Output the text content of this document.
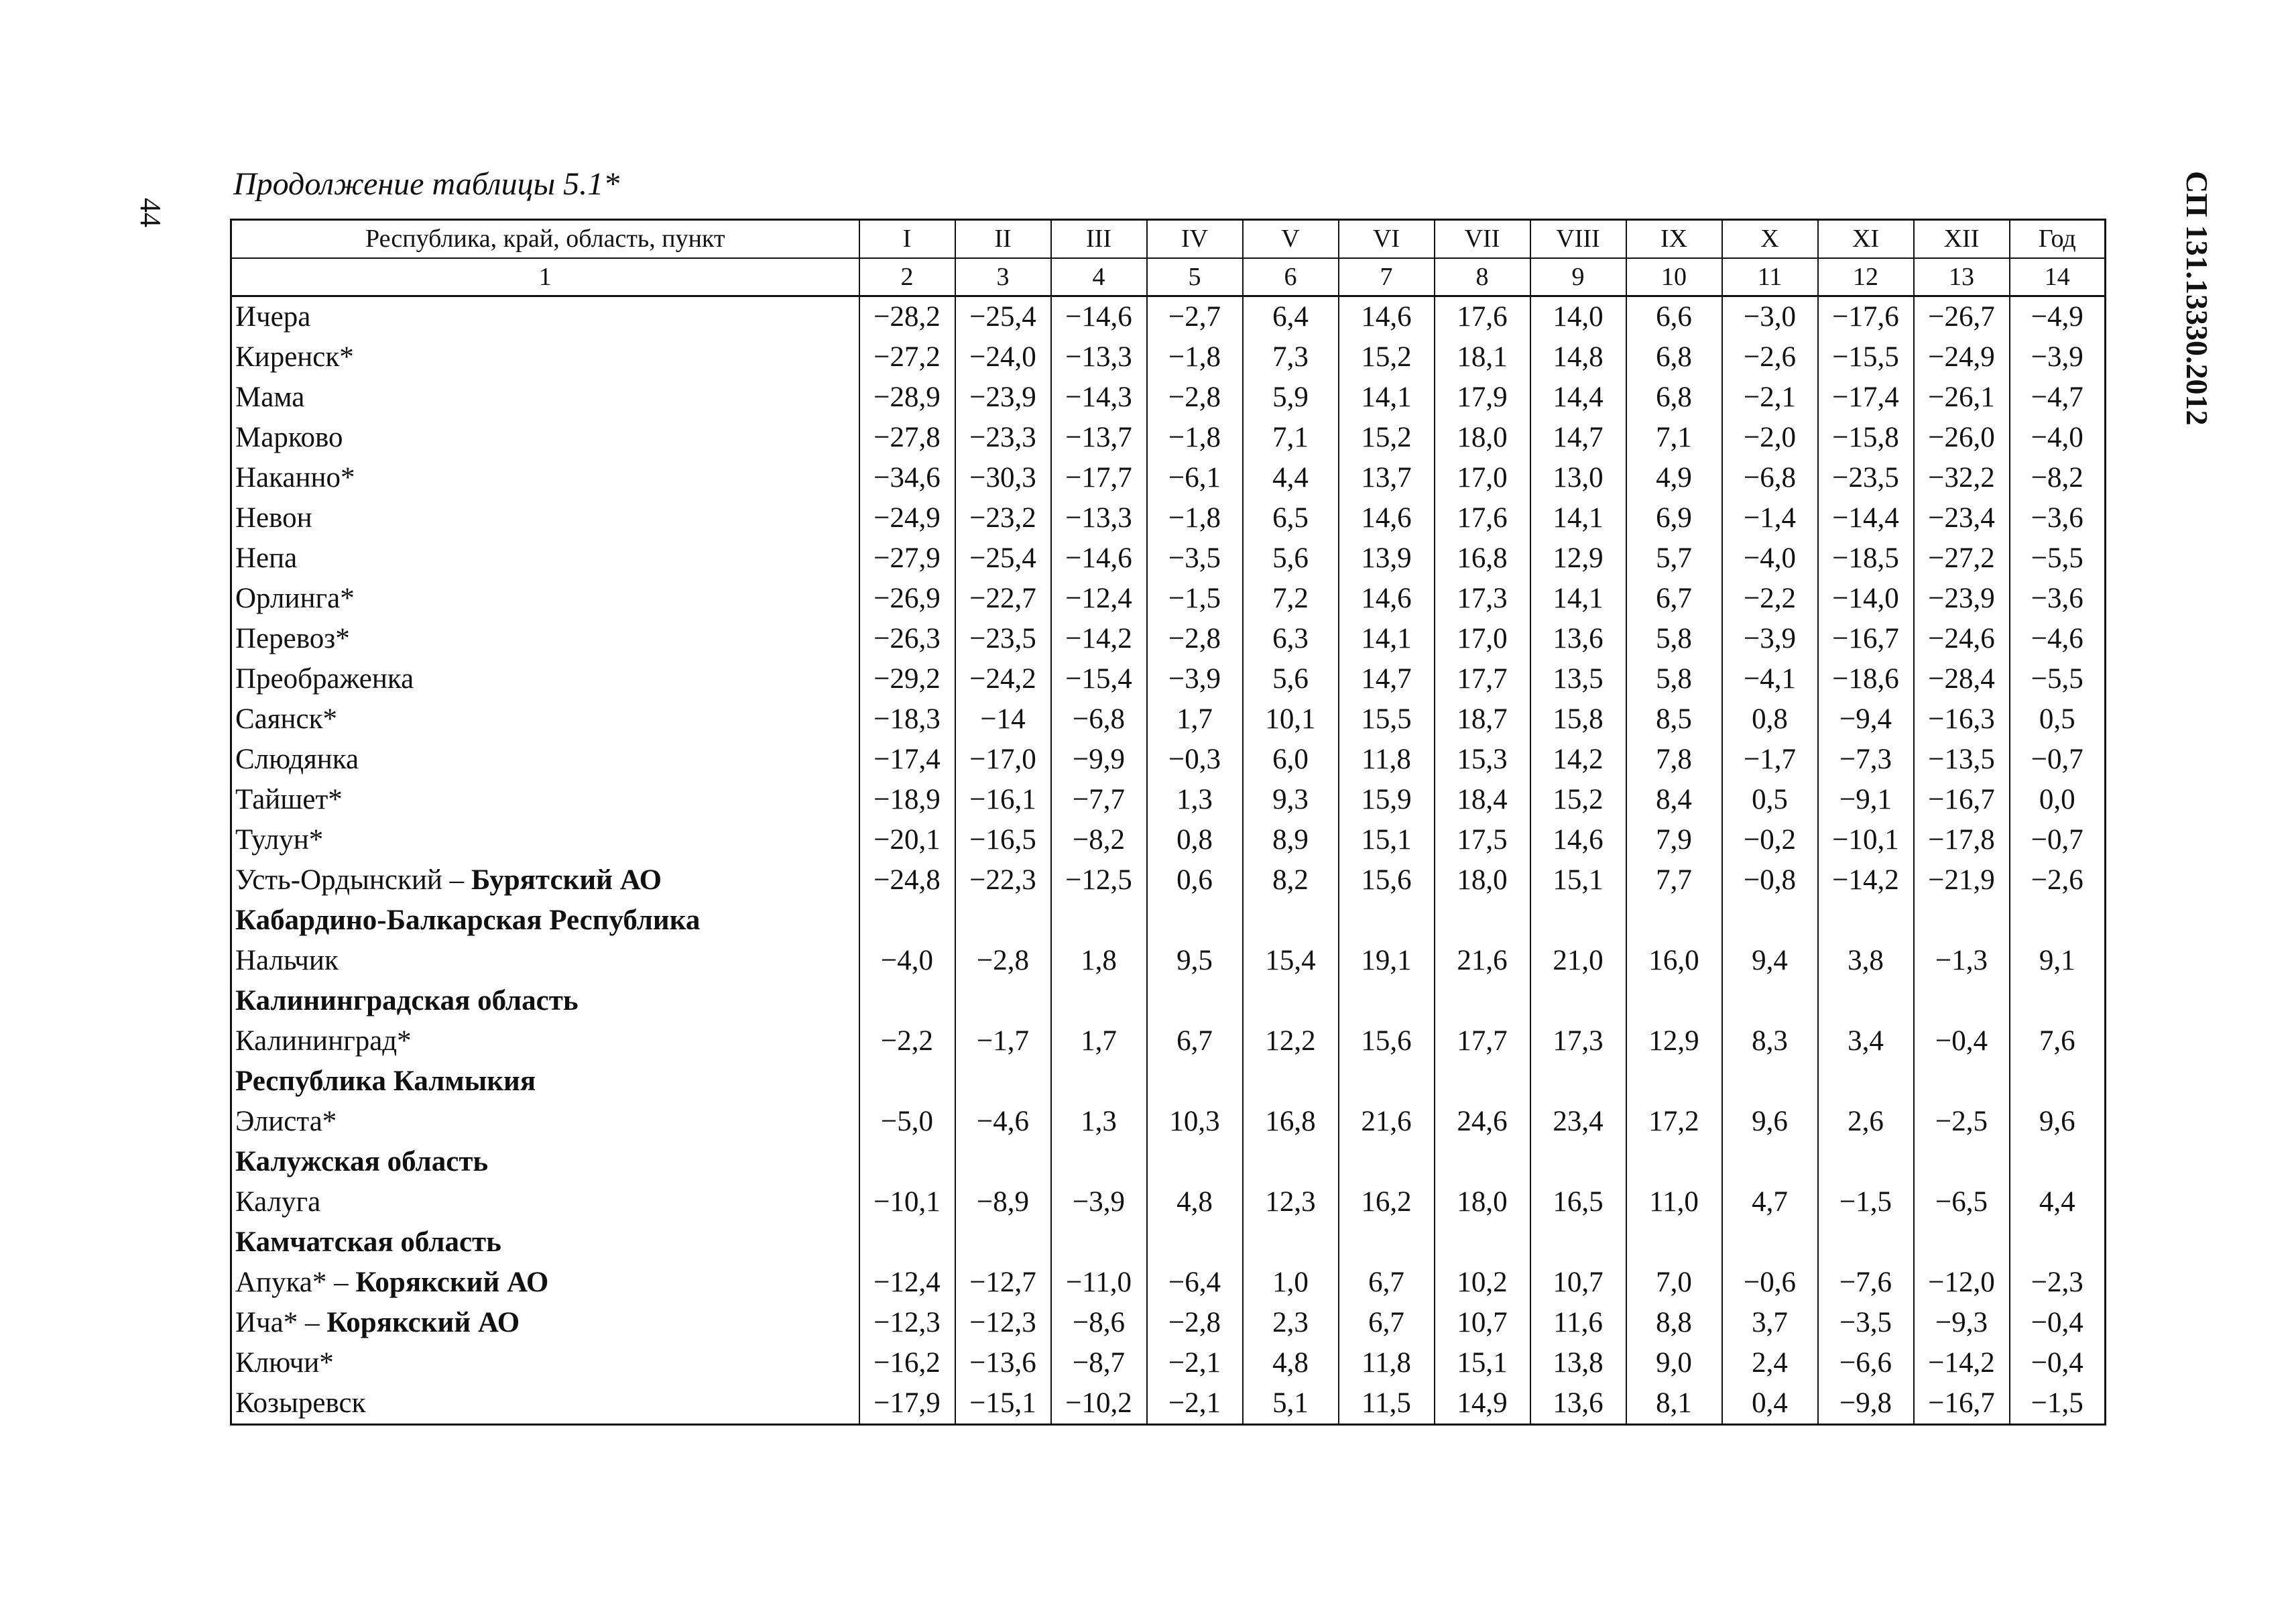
44
Продолжение таблицы 5.1*	СП 131.13330.2012
Республика, край, область, пункт	I	II	III	IV	V	VI	VII	VIII	IX	X	XI	XII	Год
1	2	3	4	5	6	7	8	9	10	11	12	13	14
Ичера	−28,2	−25,4	−14,6	−2,7	6,4	14,6	17,6	14,0	6,6	−3,0	−17,6	−26,7	−4,9
Киренск*	−27,2	−24,0	−13,3	−1,8	7,3	15,2	18,1	14,8	6,8	−2,6	−15,5	−24,9	−3,9
Мама	−28,9	−23,9	−14,3	−2,8	5,9	14,1	17,9	14,4	6,8	−2,1	−17,4	−26,1	−4,7
Марково	−27,8	−23,3	−13,7	−1,8	7,1	15,2	18,0	14,7	7,1	−2,0	−15,8	−26,0	−4,0
Наканно*	−34,6	−30,3	−17,7	−6,1	4,4	13,7	17,0	13,0	4,9	−6,8	−23,5	−32,2	−8,2
Невон	−24,9	−23,2	−13,3	−1,8	6,5	14,6	17,6	14,1	6,9	−1,4	−14,4	−23,4	−3,6
Непа	−27,9	−25,4	−14,6	−3,5	5,6	13,9	16,8	12,9	5,7	−4,0	−18,5	−27,2	−5,5
Орлинга*	−26,9	−22,7	−12,4	−1,5	7,2	14,6	17,3	14,1	6,7	−2,2	−14,0	−23,9	−3,6
Перевоз*	−26,3	−23,5	−14,2	−2,8	6,3	14,1	17,0	13,6	5,8	−3,9	−16,7	−24,6	−4,6
Преображенка	−29,2	−24,2	−15,4	−3,9	5,6	14,7	17,7	13,5	5,8	−4,1	−18,6	−28,4	−5,5
Саянск*	−18,3	−14	−6,8	1,7	10,1	15,5	18,7	15,8	8,5	0,8	−9,4	−16,3	0,5
Слюдянка	−17,4	−17,0	−9,9	−0,3	6,0	11,8	15,3	14,2	7,8	−1,7	−7,3	−13,5	−0,7
Тайшет*	−18,9	−16,1	−7,7	1,3	9,3	15,9	18,4	15,2	8,4	0,5	−9,1	−16,7	0,0
Тулун*	−20,1	−16,5	−8,2	0,8	8,9	15,1	17,5	14,6	7,9	−0,2	−10,1	−17,8	−0,7
Усть-Ордынский – Бурятский АО	−24,8	−22,3	−12,5	0,6	8,2	15,6	18,0	15,1	7,7	−0,8	−14,2	−21,9	−2,6
Кабардино-Балкарская Республика													
Нальчик	−4,0	−2,8	1,8	9,5	15,4	19,1	21,6	21,0	16,0	9,4	3,8	−1,3	9,1
Калининградская область													
Калининград*	−2,2	−1,7	1,7	6,7	12,2	15,6	17,7	17,3	12,9	8,3	3,4	−0,4	7,6
Республика Калмыкия													
Элиста*	−5,0	−4,6	1,3	10,3	16,8	21,6	24,6	23,4	17,2	9,6	2,6	−2,5	9,6
Калужская область													
Калуга	−10,1	−8,9	−3,9	4,8	12,3	16,2	18,0	16,5	11,0	4,7	−1,5	−6,5	4,4
Камчатская область													
Апука* – Корякский АО	−12,4	−12,7	−11,0	−6,4	1,0	6,7	10,2	10,7	7,0	−0,6	−7,6	−12,0	−2,3
Ича* – Корякский АО	−12,3	−12,3	−8,6	−2,8	2,3	6,7	10,7	11,6	8,8	3,7	−3,5	−9,3	−0,4
Ключи*	−16,2	−13,6	−8,7	−2,1	4,8	11,8	15,1	13,8	9,0	2,4	−6,6	−14,2	−0,4
Козыревск	−17,9	−15,1	−10,2	−2,1	5,1	11,5	14,9	13,6	8,1	0,4	−9,8	−16,7	−1,5
